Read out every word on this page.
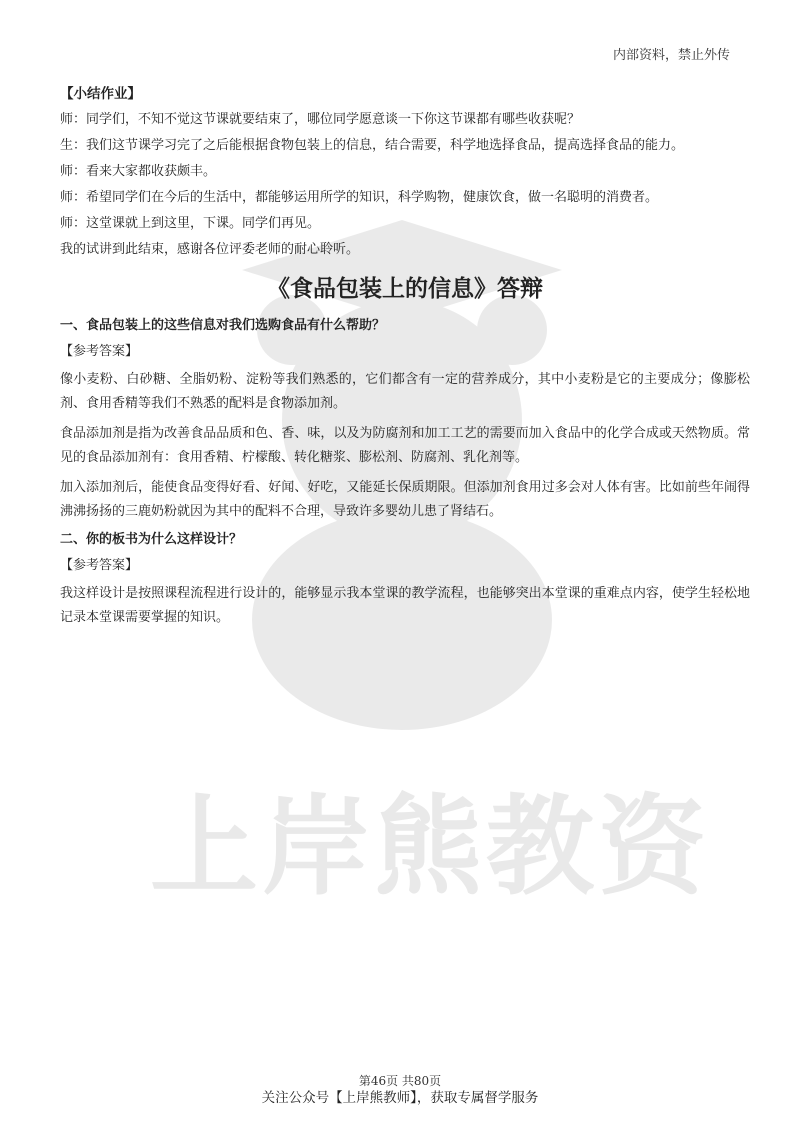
上岸熊教资
内部资料，禁止外传
【小结作业】

师：同学们，不知不觉这节课就要结束了，哪位同学愿意谈一下你这节课都有哪些收获呢？

生：我们这节课学习完了之后能根据食物包装上的信息，结合需要，科学地选择食品，提高选择食品的能力。

师：看来大家都收获颇丰。

师：希望同学们在今后的生活中，都能够运用所学的知识，科学购物，健康饮食，做一名聪明的消费者。

师：这堂课就上到这里，下课。同学们再见。

我的试讲到此结束，感谢各位评委老师的耐心聆听。

《食品包装上的信息》答辩
一、食品包装上的这些信息对我们选购食品有什么帮助？
【参考答案】

像小麦粉、白砂糖、全脂奶粉、淀粉等我们熟悉的，它们都含有一定的营养成分，其中小麦粉是它的主要成分；像膨松剂、食用香精等我们不熟悉的配料是食物添加剂。

食品添加剂是指为改善食品品质和色、香、味，以及为防腐剂和加工工艺的需要而加入食品中的化学合成或天然物质。常见的食品添加剂有：食用香精、柠檬酸、转化糖浆、膨松剂、防腐剂、乳化剂等。

加入添加剂后，能使食品变得好看、好闻、好吃，又能延长保质期限。但添加剂食用过多会对人体有害。比如前些年闹得沸沸扬扬的三鹿奶粉就因为其中的配料不合理，导致许多婴幼儿患了肾结石。

二、你的板书为什么这样设计？
【参考答案】

我这样设计是按照课程流程进行设计的，能够显示我本堂课的教学流程，也能够突出本堂课的重难点内容，使学生轻松地记录本堂课需要掌握的知识。

第46页 共80页
关注公众号【上岸熊教师】，获取专属督学服务
